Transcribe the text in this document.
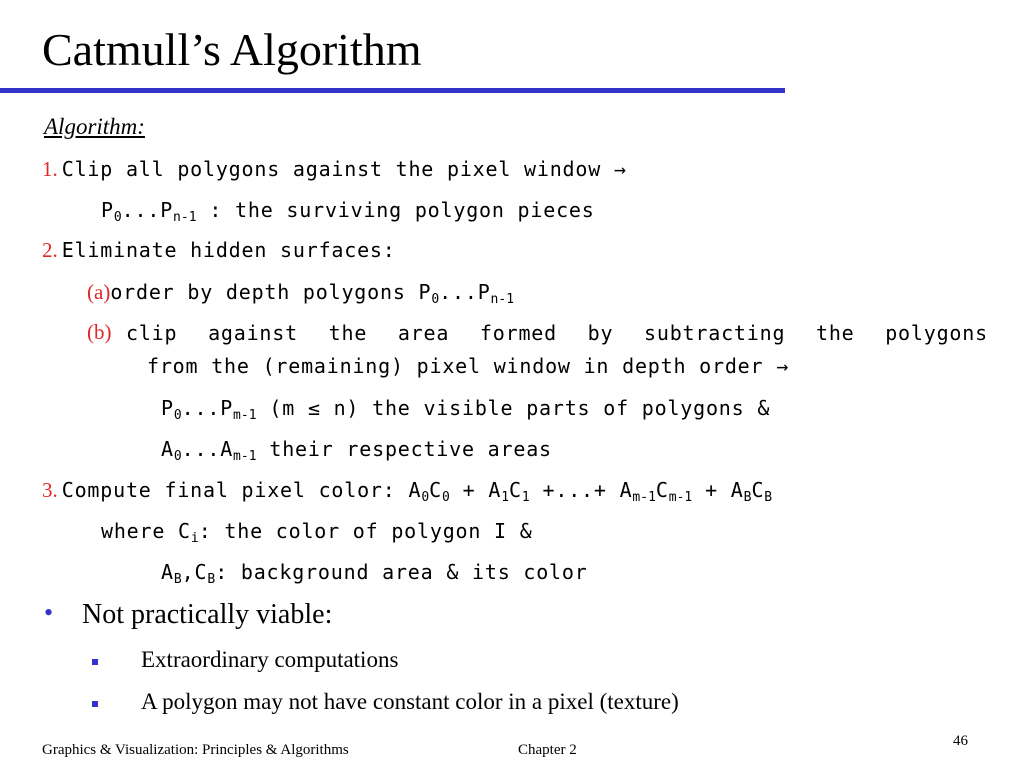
Catmull’s Algorithm
Algorithm:
1. Clip all polygons against the pixel window →
$P_0...P_{n-1}$ : the surviving polygon pieces
2. Eliminate hidden surfaces:
(a)order by depth polygons $P_0...P_{n-1}$
(b) clip against the area formed by subtracting the polygons
from the (remaining) pixel window in depth order →
$P_0...P_{m-1}$ (m ≤ n) the visible parts of polygons &
$A_0...A_{m-1}$ their respective areas
3. Compute final pixel color: $A_0C_0 + A_1C_1$ +...+ $A_{m-1}C_{m-1} + A_BC_B$
where $C_i$: the color of polygon I &
$A_B,C_B$: background area & its color
• Not practically viable:
Extraordinary computations
A polygon may not have constant color in a pixel (texture)
Graphics & Visualization: Principles & Algorithms	Chapter 2
46
